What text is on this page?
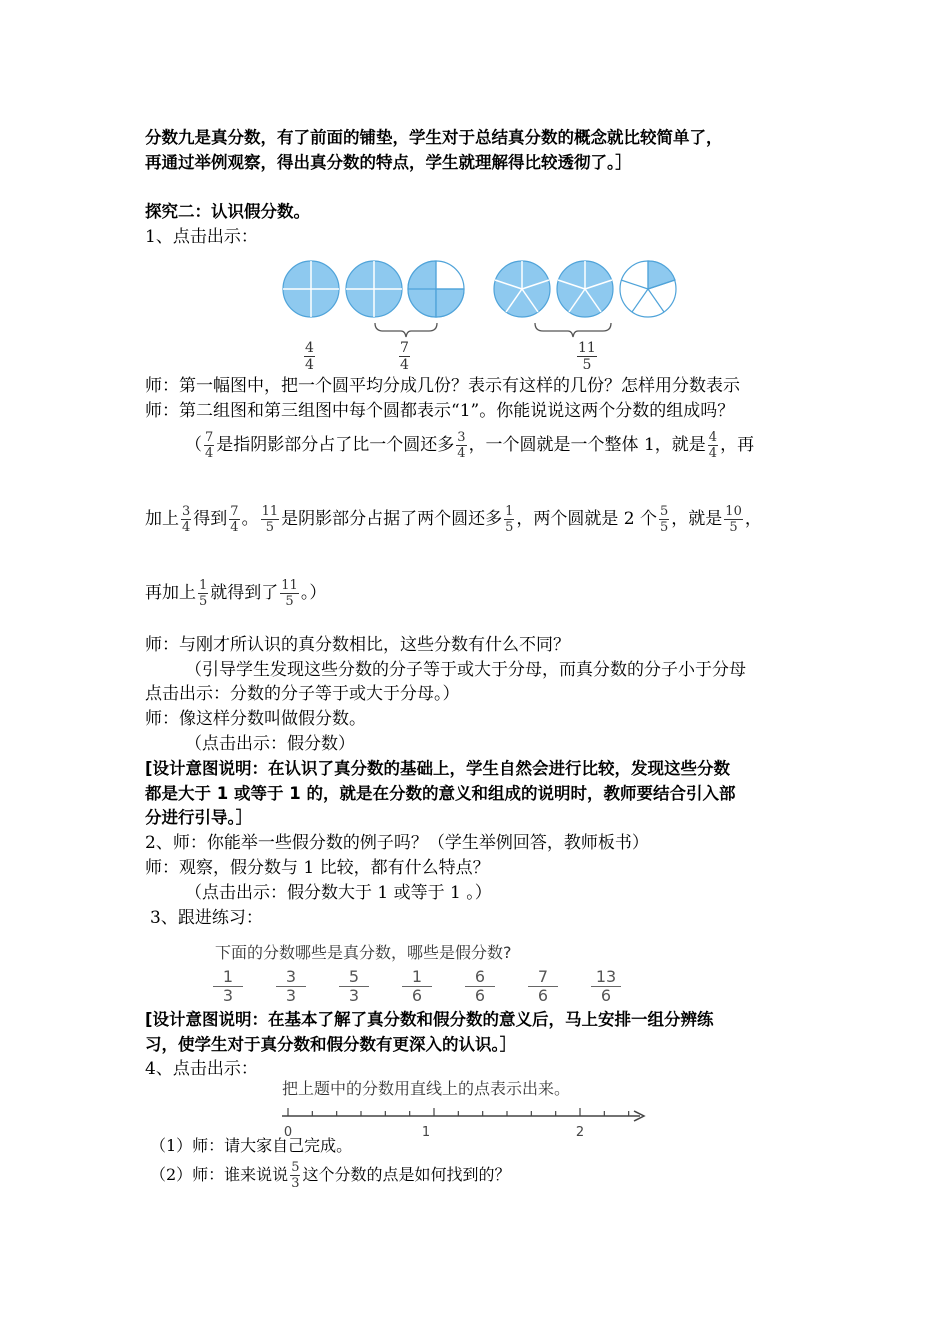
分数九是真分数，有了前面的铺垫，学生对于总结真分数的概念就比较简单了，
再通过举例观察，得出真分数的特点，学生就理解得比较透彻了。］
探究二：认识假分数。
1、点击出示：
$\frac{4}{4}$	$\frac{7}{4}$	$\frac{11}{5}$
师：第一幅图中，把一个圆平均分成几份？表示有这样的几份？怎样用分数表示
师：第二组图和第三组图中每个圆都表示“1”。你能说说这两个分数的组成吗？
（ $\frac{7}{4}$ 是指阴影部分占了比一个圆还多 $\frac{3}{4}$ ，一个圆就是一个整体 1，就是 $\frac{4}{4}$ ，再
加上 $\frac{3}{4}$ 得到 $\frac{7}{4}$ 。 $\frac{11}{5}$ 是阴影部分占据了两个圆还多 $\frac{1}{5}$ ，两个圆就是 2 个 $\frac{5}{5}$ ，就是 $\frac{10}{5}$ ，
再加上 $\frac{1}{5}$ 就得到了 $\frac{11}{5}$ 。）
师：与刚才所认识的真分数相比，这些分数有什么不同？
（引导学生发现这些分数的分子等于或大于分母，而真分数的分子小于分母
点击出示：分数的分子等于或大于分母。）
师：像这样分数叫做假分数。
（点击出示：假分数）
[设计意图说明：在认识了真分数的基础上，学生自然会进行比较，发现这些分数
都是大于 1 或等于 1 的，就是在分数的意义和组成的说明时，教师要结合引入部
分进行引导。］
2、师：你能举一些假分数的例子吗？（学生举例回答，教师板书）
师：观察，假分数与 1 比较，都有什么特点？
（点击出示：假分数大于 1 或等于 1 。）
3、跟进练习：
下面的分数哪些是真分数，哪些是假分数?
$\frac{1}{3} \frac{3}{3} \frac{5}{3} \frac{1}{6} \frac{6}{6} \frac{7}{6} \frac{13}{6}$
[设计意图说明：在基本了解了真分数和假分数的意义后，马上安排一组分辨练
习，使学生对于真分数和假分数有更深入的认识。］
4、点击出示：
把上题中的分数用直线上的点表示出来。
0	1	2
（1）师：请大家自己完成。
（2）师：谁来说说 $\frac{5}{3}$ 这个分数的点是如何找到的？
